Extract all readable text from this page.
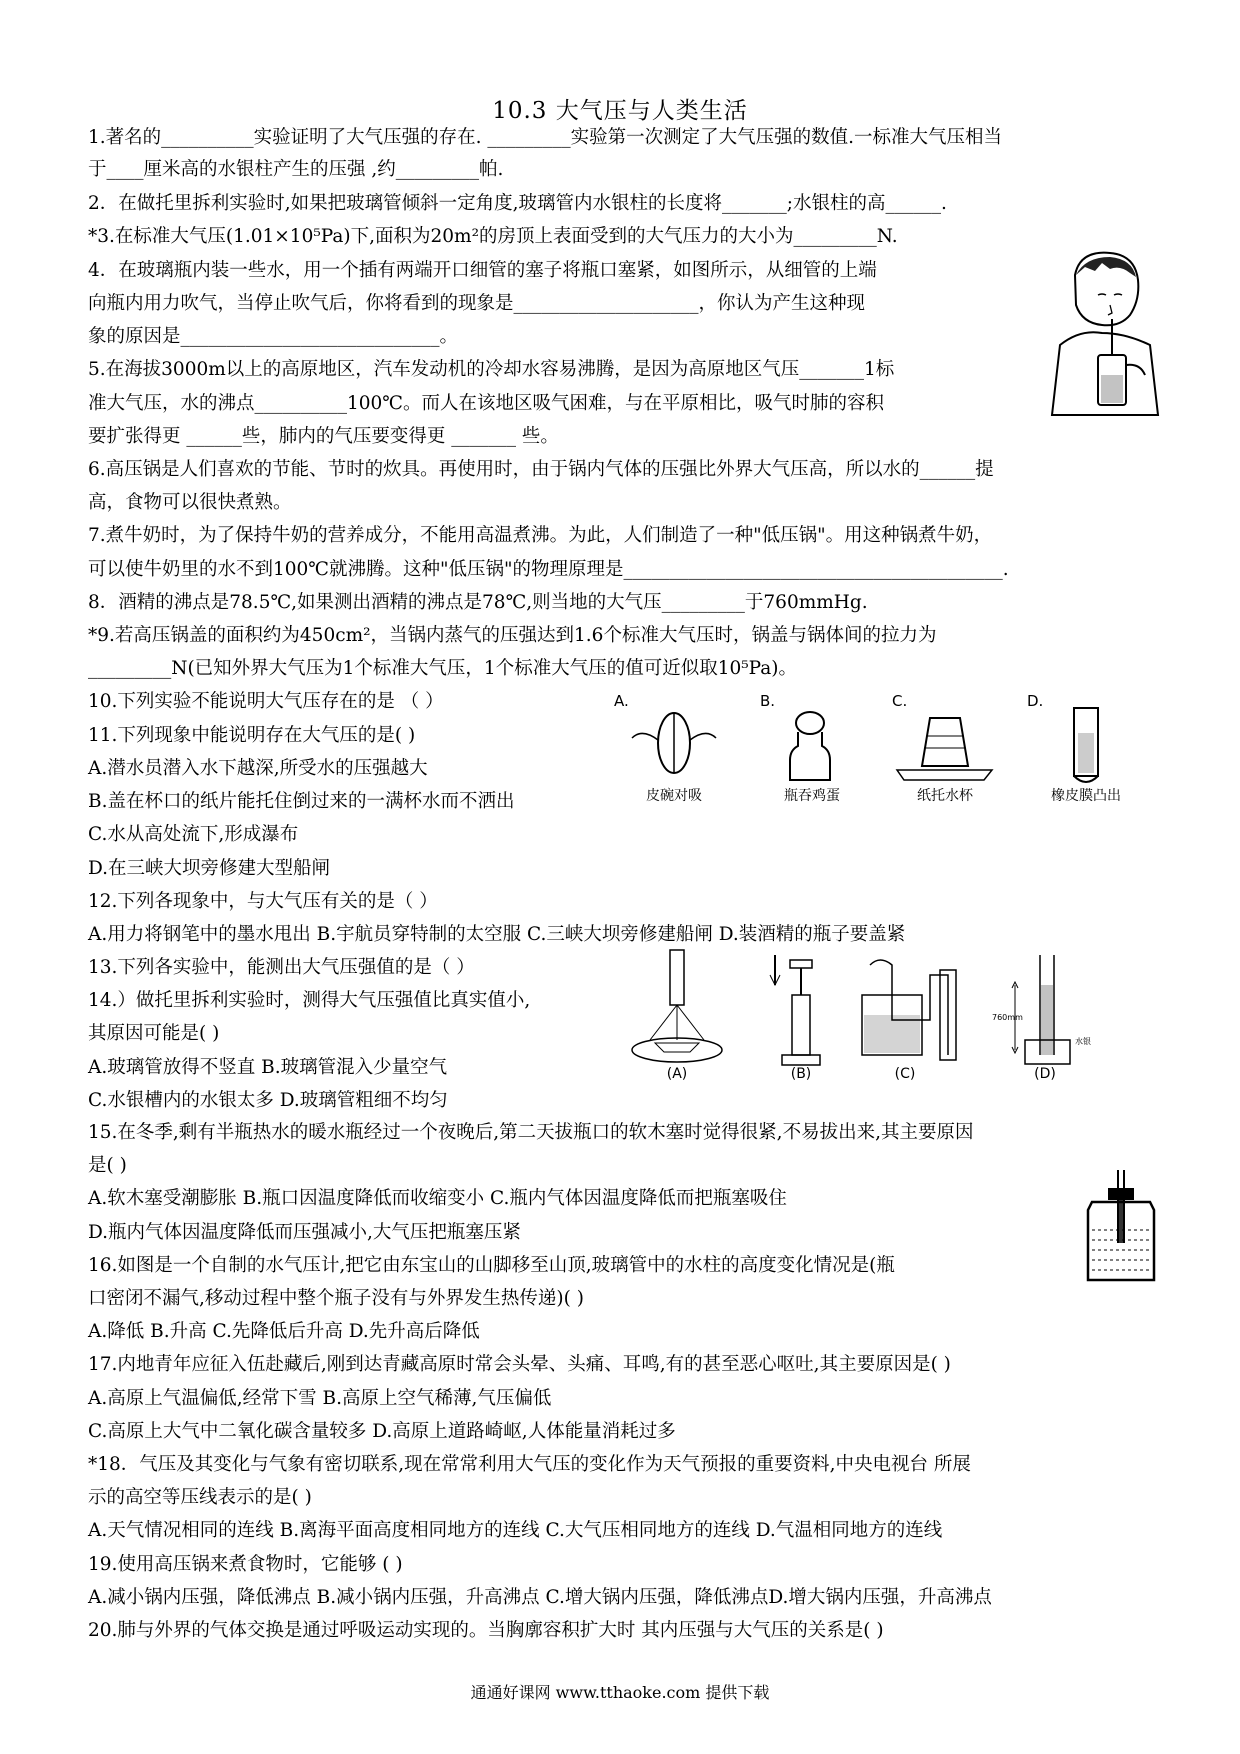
10.3 大气压与人类生活
1.著名的__________实验证明了大气压强的存在. _________实验第一次测定了大气压强的数值.一标准大气压相当
于____厘米高的水银柱产生的压强 ,约_________帕.
2．在做托里拆利实验时,如果把玻璃管倾斜一定角度,玻璃管内水银柱的长度将_______;水银柱的高______.
*3.在标准大气压(1.01×10⁵Pa)下,面积为20m²的房顶上表面受到的大气压力的大小为_________N.
4．在玻璃瓶内装一些水，用一个插有两端开口细管的塞子将瓶口塞紧，如图所示，从细管的上端
向瓶内用力吹气，当停止吹气后，你将看到的现象是____________________，你认为产生这种现
象的原因是____________________________。
5.在海拔3000m以上的高原地区，汽车发动机的冷却水容易沸腾，是因为高原地区气压_______1标
准大气压，水的沸点__________100℃。而人在该地区吸气困难，与在平原相比，吸气时肺的容积
要扩张得更 ______些，肺内的气压要变得更 _______ 些。
6.高压锅是人们喜欢的节能、节时的炊具。再使用时，由于锅内气体的压强比外界大气压高，所以水的______提
高，食物可以很快煮熟。
7.煮牛奶时，为了保持牛奶的营养成分，不能用高温煮沸。为此，人们制造了一种"低压锅"。用这种锅煮牛奶，
可以使牛奶里的水不到100℃就沸腾。这种"低压锅"的物理原理是_________________________________________.
8．酒精的沸点是78.5℃,如果测出酒精的沸点是78℃,则当地的大气压_________于760mmHg.
*9.若高压锅盖的面积约为450cm²，当锅内蒸气的压强达到1.6个标准大气压时，锅盖与锅体间的拉力为
_________N(已知外界大气压为1个标准大气压，1个标准大气压的值可近似取10⁵Pa)。
10.下列实验不能说明大气压存在的是 （ ）
11.下列现象中能说明存在大气压的是( )
A.潜水员潜入水下越深,所受水的压强越大
B.盖在杯口的纸片能托住倒过来的一满杯水而不洒出
C.水从高处流下,形成瀑布
D.在三峡大坝旁修建大型船闸
12.下列各现象中，与大气压有关的是（ ）
A.用力将钢笔中的墨水甩出 B.宇航员穿特制的太空服 C.三峡大坝旁修建船闸 D.装酒精的瓶子要盖紧
13.下列各实验中，能测出大气压强值的是（ ）
14.）做托里拆利实验时，测得大气压强值比真实值小,
其原因可能是( )
A.玻璃管放得不竖直 B.玻璃管混入少量空气
C.水银槽内的水银太多 D.玻璃管粗细不均匀
15.在冬季,剩有半瓶热水的暖水瓶经过一个夜晚后,第二天拔瓶口的软木塞时觉得很紧,不易拔出来,其主要原因
是( )
A.软木塞受潮膨胀 B.瓶口因温度降低而收缩变小 C.瓶内气体因温度降低而把瓶塞吸住
D.瓶内气体因温度降低而压强减小,大气压把瓶塞压紧
16.如图是一个自制的水气压计,把它由东宝山的山脚移至山顶,玻璃管中的水柱的高度变化情况是(瓶
口密闭不漏气,移动过程中整个瓶子没有与外界发生热传递)( )
A.降低 B.升高 C.先降低后升高 D.先升高后降低
17.内地青年应征入伍赴藏后,刚到达青藏高原时常会头晕、头痛、耳鸣,有的甚至恶心呕吐,其主要原因是( )
A.高原上气温偏低,经常下雪 B.高原上空气稀薄,气压偏低
C.高原上大气中二氧化碳含量较多 D.高原上道路崎岖,人体能量消耗过多
*18．气压及其变化与气象有密切联系,现在常常利用大气压的变化作为天气预报的重要资料,中央电视台 所展
示的高空等压线表示的是( )
A.天气情况相同的连线 B.离海平面高度相同地方的连线 C.大气压相同地方的连线 D.气温相同地方的连线
19.使用高压锅来煮食物时，它能够 ( )
A.减小锅内压强，降低沸点 B.减小锅内压强，升高沸点 C.增大锅内压强，降低沸点D.增大锅内压强，升高沸点
20.肺与外界的气体交换是通过呼吸运动实现的。当胸廓容积扩大时 其内压强与大气压的关系是( )
A.	B.	C.	D.
皮碗对吸	瓶吞鸡蛋	纸托水杯	橡皮膜凸出
760mm
水银
(A)	(B)	(C)	(D)
通通好课网 www.tthaoke.com 提供下载
